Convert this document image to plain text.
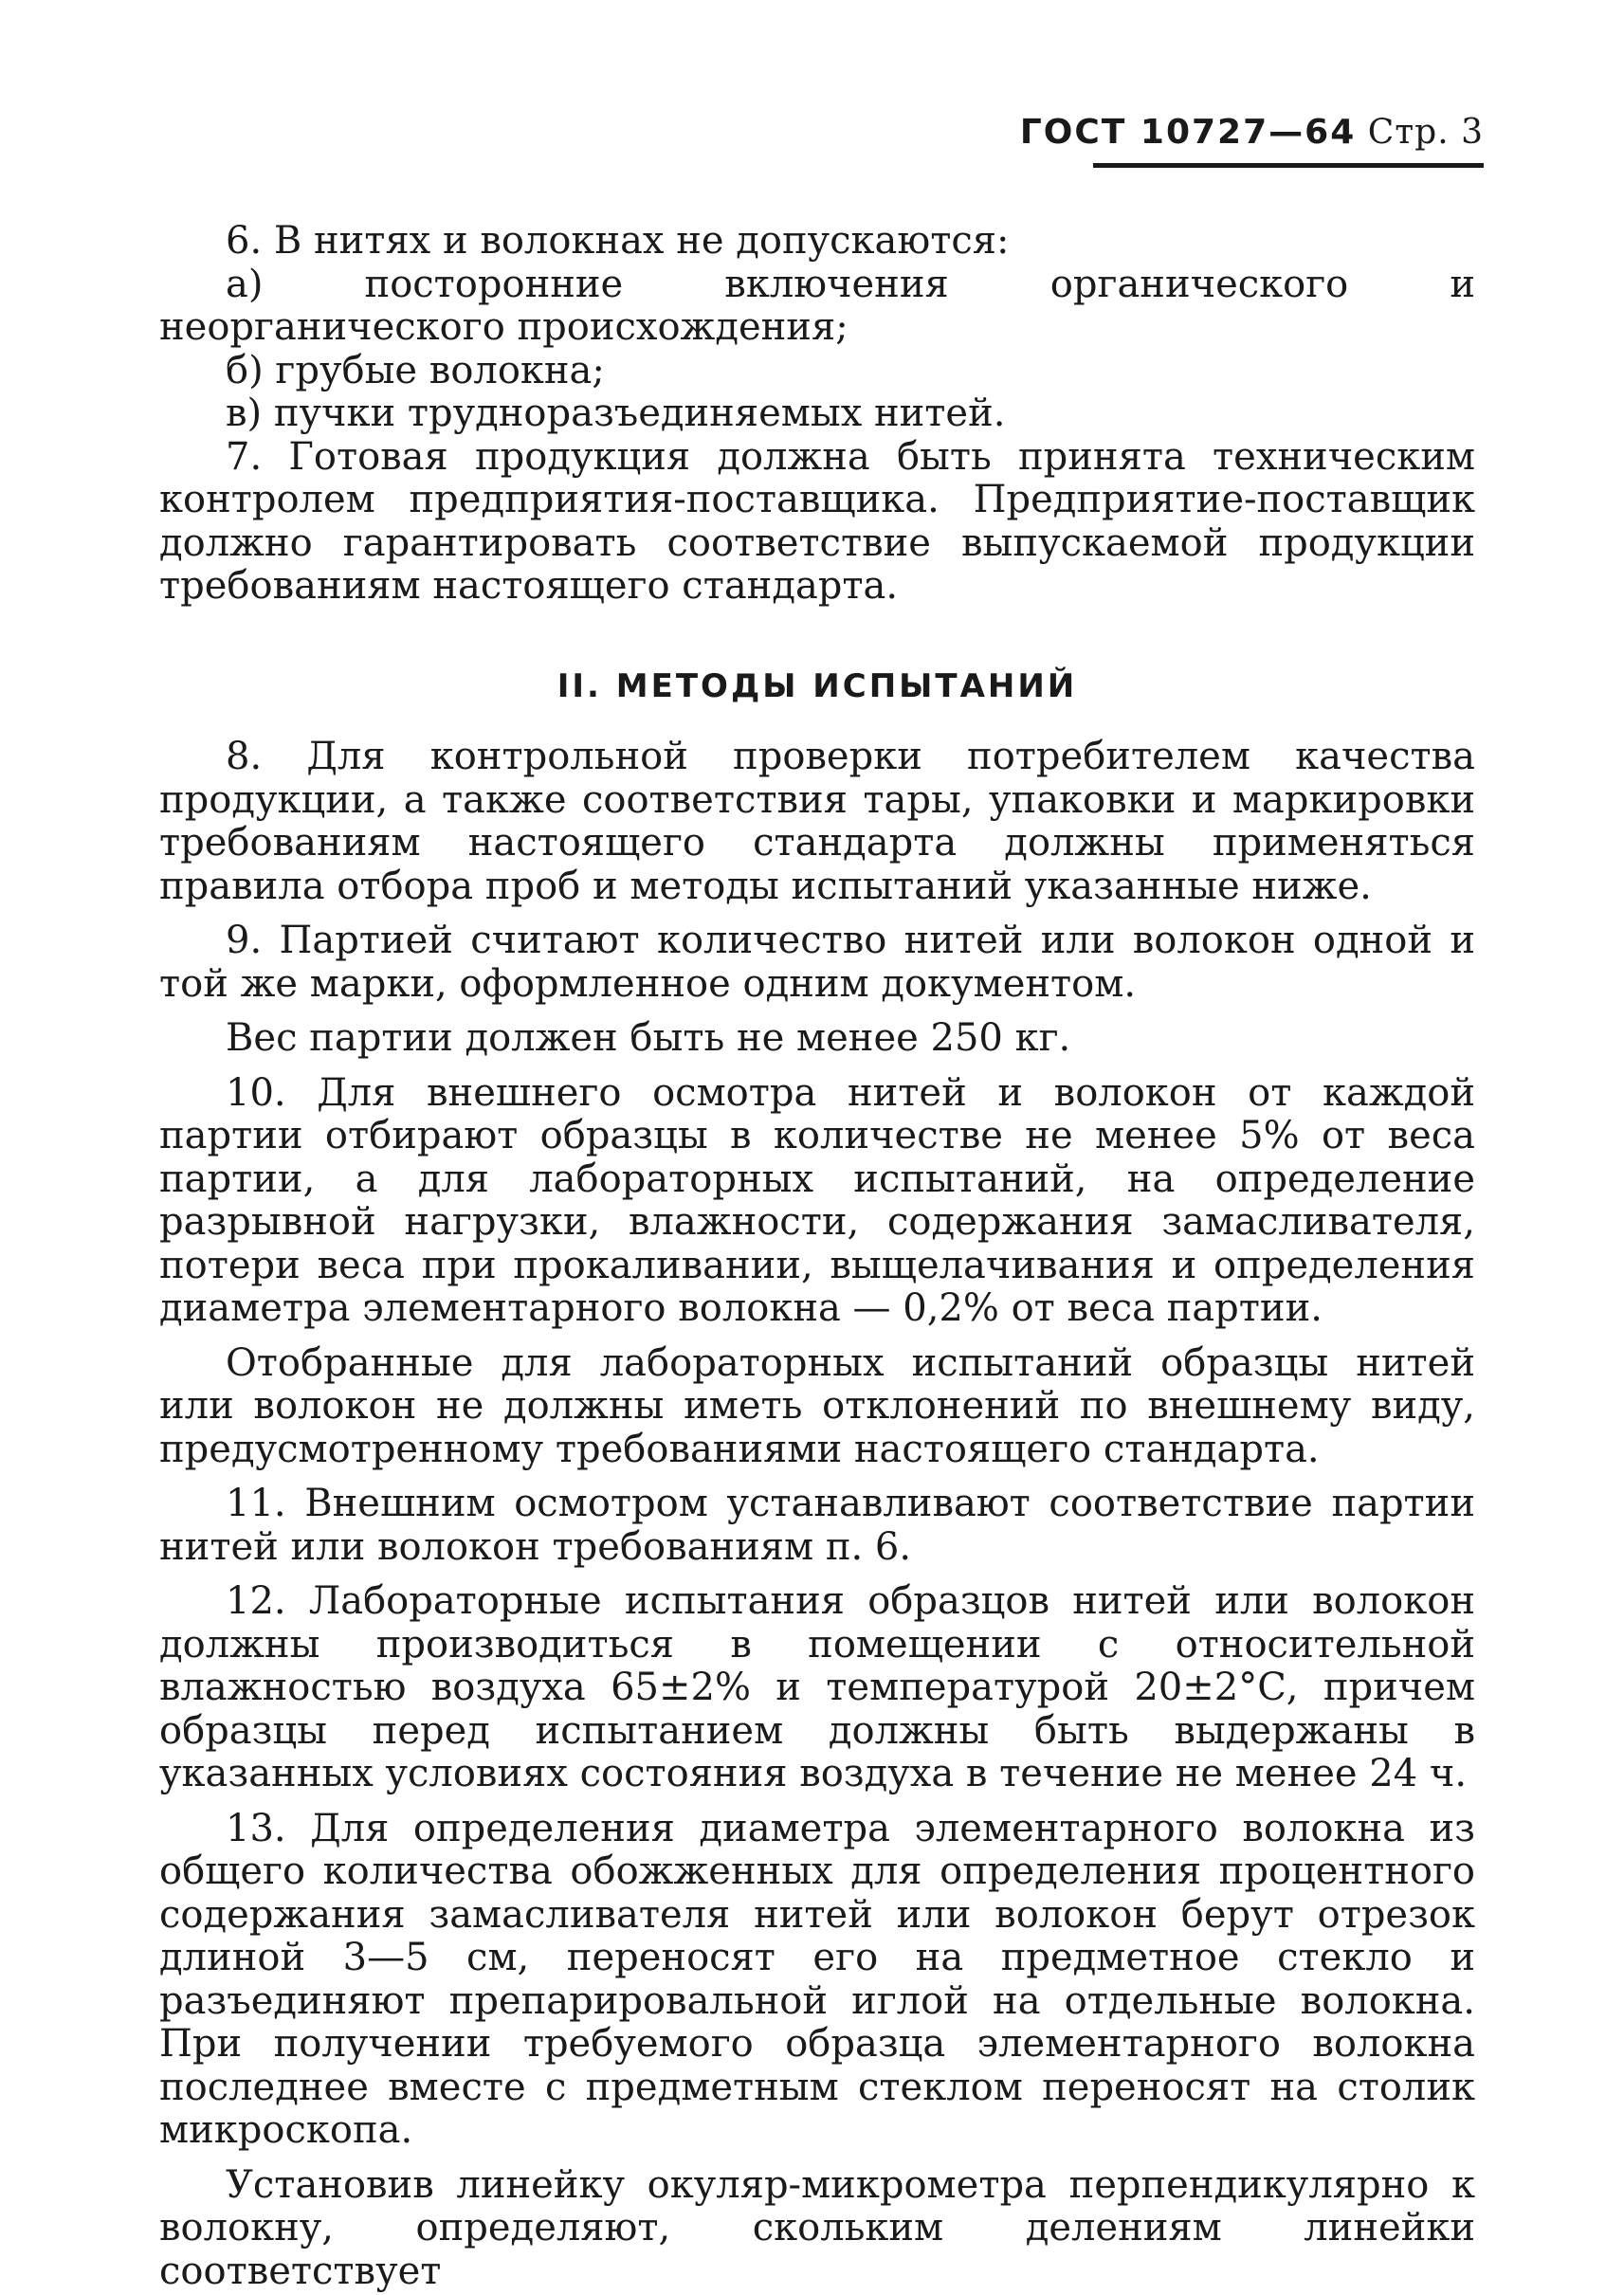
ГОСТ 10727—64 Стр. 3

6. В нитях и волокнах не допускаются:

а) посторонние включения органического и неорганического происхождения;

б) грубые волокна;

в) пучки трудноразъединяемых нитей.

7. Готовая продукция должна быть принята техническим контролем предприятия-поставщика. Предприятие-поставщик должно гарантировать соответствие выпускаемой продукции требованиям настоящего стандарта.

II. МЕТОДЫ ИСПЫТАНИЙ

8. Для контрольной проверки потребителем качества продукции, а также соответствия тары, упаковки и маркировки требованиям настоящего стандарта должны применяться правила отбора проб и методы испытаний указанные ниже.

9. Партией считают количество нитей или волокон одной и той же марки, оформленное одним документом.

Вес партии должен быть не менее 250 кг.

10. Для внешнего осмотра нитей и волокон от каждой партии отбирают образцы в количестве не менее 5% от веса партии, а для лабораторных испытаний, на определение разрывной нагрузки, влажности, содержания замасливателя, потери веса при прокаливании, выщелачивания и определения диаметра элементарного волокна — 0,2% от веса партии.

Отобранные для лабораторных испытаний образцы нитей или волокон не должны иметь отклонений по внешнему виду, предусмотренному требованиями настоящего стандарта.

11. Внешним осмотром устанавливают соответствие партии нитей или волокон требованиям п. 6.

12. Лабораторные испытания образцов нитей или волокон должны производиться в помещении с относительной влажностью воздуха 65±2% и температурой 20±2°С, причем образцы перед испытанием должны быть выдержаны в указанных условиях состояния воздуха в течение не менее 24 ч.

13. Для определения диаметра элементарного волокна из общего количества обожженных для определения процентного содержания замасливателя нитей или волокон берут отрезок длиной 3—5 см, переносят его на предметное стекло и разъединяют препарировальной иглой на отдельные волокна. При получении требуемого образца элементарного волокна последнее вместе с предметным стеклом переносят на столик микроскопа.

Установив линейку окуляр-микрометра перпендикулярно к волокну, определяют, скольким делениям линейки соответствует
